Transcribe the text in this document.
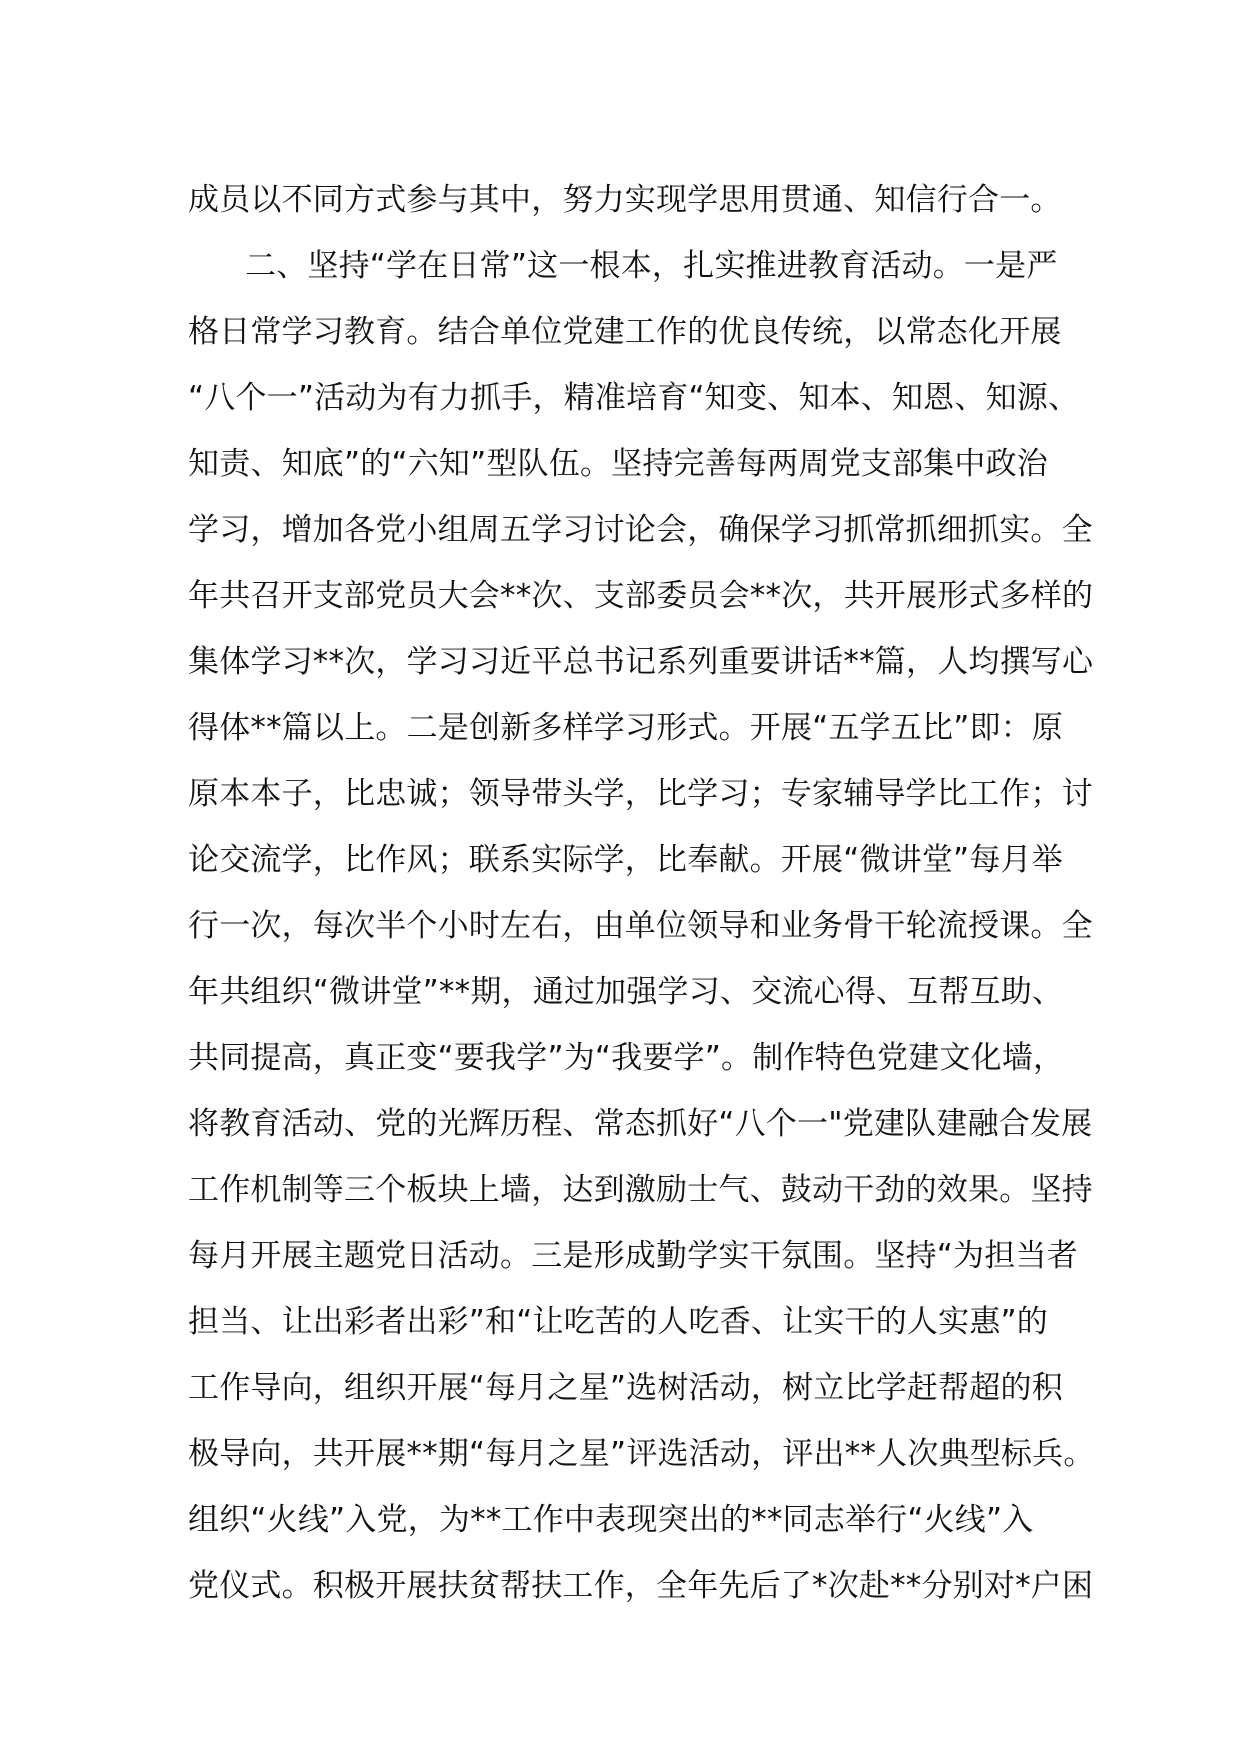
成员以不同方式参与其中，努力实现学思用贯通、知信行合一。
二、坚持“学在日常”这一根本，扎实推进教育活动。一是严
格日常学习教育。结合单位党建工作的优良传统，以常态化开展
“八个一”活动为有力抓手，精准培育“知变、知本、知恩、知源、
知责、知底”的“六知”型队伍。坚持完善每两周党支部集中政治
学习，增加各党小组周五学习讨论会，确保学习抓常抓细抓实。全
年共召开支部党员大会**次、支部委员会**次，共开展形式多样的
集体学习**次，学习习近平总书记系列重要讲话**篇，人均撰写心
得体**篇以上。二是创新多样学习形式。开展“五学五比”即：原
原本本子，比忠诚；领导带头学，比学习；专家辅导学比工作；讨
论交流学，比作风；联系实际学，比奉献。开展“微讲堂”每月举
行一次，每次半个小时左右，由单位领导和业务骨干轮流授课。全
年共组织“微讲堂”**期，通过加强学习、交流心得、互帮互助、
共同提高，真正变“要我学”为“我要学”。制作特色党建文化墙，
将教育活动、党的光辉历程、常态抓好“八个一"党建队建融合发展
工作机制等三个板块上墙，达到激励士气、鼓动干劲的效果。坚持
每月开展主题党日活动。三是形成勤学实干氛围。坚持“为担当者
担当、让出彩者出彩”和“让吃苦的人吃香、让实干的人实惠”的
工作导向，组织开展“每月之星”选树活动，树立比学赶帮超的积
极导向，共开展**期“每月之星”评选活动，评出**人次典型标兵。
组织“火线”入党，为**工作中表现突出的**同志举行“火线”入
党仪式。积极开展扶贫帮扶工作，全年先后了*次赴**分别对*户困
